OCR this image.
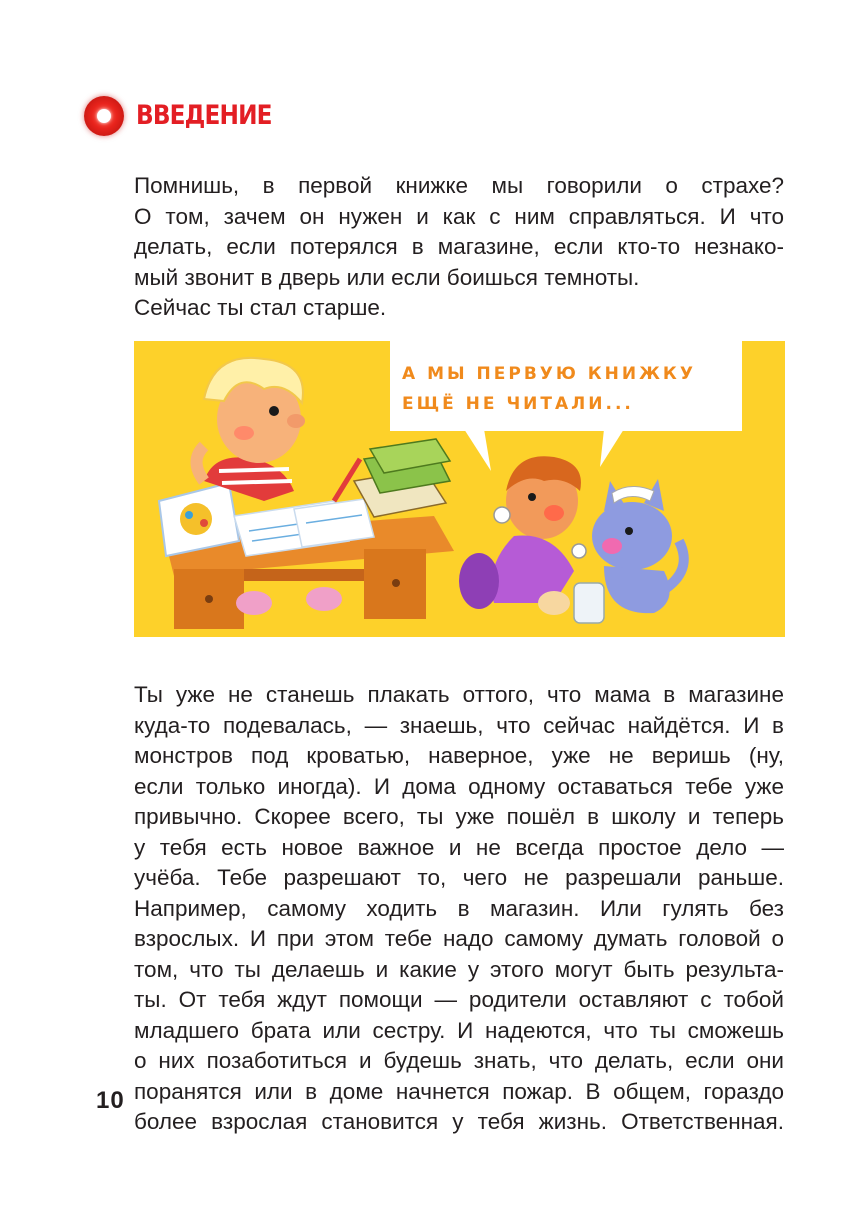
ВВЕДЕНИЕ

Помнишь, в первой книжке мы говорили о страхе?
О том, зачем он нужен и как с ним справляться. И что
делать, если потерялся в магазине, если кто-то незнако-
мый звонит в дверь или если боишься темноты.
Сейчас ты стал старше.

А МЫ ПЕРВУЮ КНИЖКУ
ЕЩЁ НЕ ЧИТАЛИ...

Ты уже не станешь плакать оттого, что мама в магазине
куда-то подевалась, — знаешь, что сейчас найдётся. И в
монстров под кроватью, наверное, уже не веришь (ну,
если только иногда). И дома одному оставаться тебе уже
привычно. Скорее всего, ты уже пошёл в школу и теперь
у тебя есть новое важное и не всегда простое дело —
учёба. Тебе разрешают то, чего не разрешали раньше.
Например, самому ходить в магазин. Или гулять без
взрослых. И при этом тебе надо самому думать головой о
том, что ты делаешь и какие у этого могут быть результа-
ты. От тебя ждут помощи — родители оставляют с тобой
младшего брата или сестру. И надеются, что ты сможешь
о них позаботиться и будешь знать, что делать, если они
поранятся или в доме начнется пожар. В общем, гораздо
более взрослая становится у тебя жизнь. Ответственная.

10
